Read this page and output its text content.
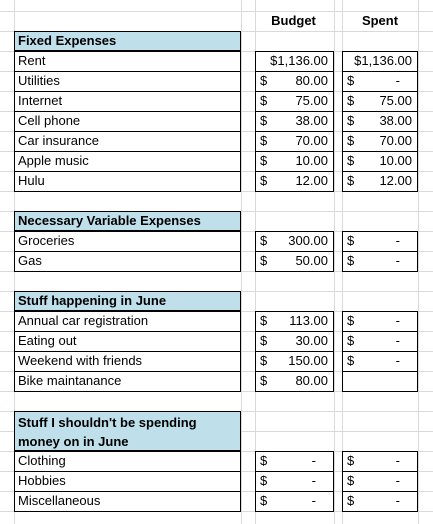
Budget	Spent
Fixed Expenses
Rent	$1,136.00 $1,136.00
Utilities	$ 80.00 $	-
Internet	$ 75.00 $ 75.00
Cell phone	$ 38.00 $ 38.00
Car insurance	$ 70.00 $ 70.00
Apple music	$ 10.00 $ 10.00
Hulu	$ 12.00 $ 12.00
Necessary Variable Expenses
Groceries	$ 300.00 $	-
Gas	$ 50.00 $	-
Stuff happening in June
Annual car registration	$ 113.00 $	-
Eating out	$ 30.00 $	-
Weekend with friends	$ 150.00 $	-
Bike maintanance	$ 80.00
Stuff I shouldn't be spending
money on in June
Clothing	$	- $	-
Hobbies	$	- $	-
Miscellaneous	$	- $	-
